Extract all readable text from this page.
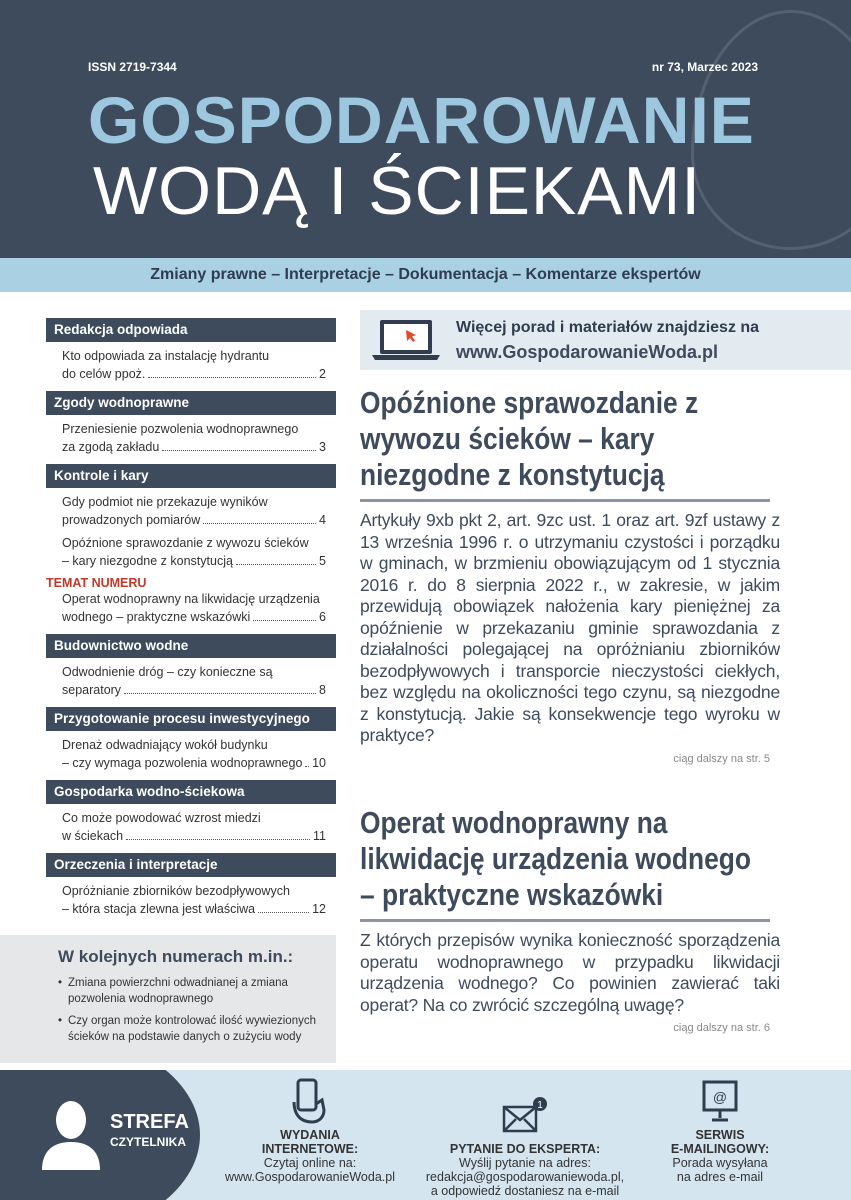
ISSN 2719-7344	nr 73, Marzec 2023
GOSPODAROWANIE
WODĄ I ŚCIEKAMI
Zmiany prawne – Interpretacje – Dokumentacja – Komentarze ekspertów
Redakcja odpowiada
Kto odpowiada za instalację hydrantu
do celów ppoż.	2
Zgody wodnoprawne
Przeniesienie pozwolenia wodnoprawnego
za zgodą zakładu	3
Kontrole i kary
Gdy podmiot nie przekazuje wyników
prowadzonych pomiarów	4
Opóźnione sprawozdanie z wywozu ścieków
– kary niezgodne z konstytucją	5
TEMAT NUMERU
Operat wodnoprawny na likwidację urządzenia
wodnego – praktyczne wskazówki	6
Budownictwo wodne
Odwodnienie dróg – czy konieczne są
separatory	8
Przygotowanie procesu inwestycyjnego
Drenaż odwadniający wokół budynku
– czy wymaga pozwolenia wodnoprawnego 10
Gospodarka wodno-ściekowa
Co może powodować wzrost miedzi
w ściekach	11
Orzeczenia i interpretacje
Opróżnianie zbiorników bezodpływowych
– która stacja zlewna jest właściwa	12
W kolejnych numerach m.in.:
• Zmiana powierzchni odwadnianej a zmiana pozwolenia wodnoprawnego
• Czy organ może kontrolować ilość wywiezionych ścieków na podstawie danych o zużyciu wody
Więcej porad i materiałów znajdziesz na
www.GospodarowanieWoda.pl
Opóźnione sprawozdanie z wywozu ścieków – kary niezgodne z konstytucją

Artykuły 9xb pkt 2, art. 9zc ust. 1 oraz art. 9zf ustawy z 13 września 1996 r. o utrzymaniu czystości i porządku w gminach, w brzmieniu obowiązującym od 1 stycznia 2016 r. do 8 sierpnia 2022 r., w zakresie, w jakim przewidują obowiązek nałożenia kary pieniężnej za opóźnienie w przekazaniu gminie sprawozdania z działalności polegającej na opróżnianiu zbiorników bezodpływowych i transporcie nieczystości ciekłych, bez względu na okoliczności tego czynu, są niezgodne z konstytucją. Jakie są konsekwencje tego wyroku w praktyce?

ciąg dalszy na str. 5
Operat wodnoprawny na likwidację urządzenia wodnego – praktyczne wskazówki

Z których przepisów wynika konieczność sporządzenia operatu wodnoprawnego w przypadku likwidacji urządzenia wodnego? Co powinien zawierać taki operat? Na co zwrócić szczególną uwagę?

ciąg dalszy na str. 6
STREFA
CZYTELNIKA	WYDANIA
INTERNETOWE:
Czytaj online na:
www.GospodarowanieWoda.pl
1
PYTANIE DO EKSPERTA:
Wyślij pytanie na adres:
redakcja@gospodarowaniewoda.pl,
a odpowiedź dostaniesz na e-mail
@
SERWIS
E-MAILINGOWY:
Porada wysyłana
na adres e-mail
